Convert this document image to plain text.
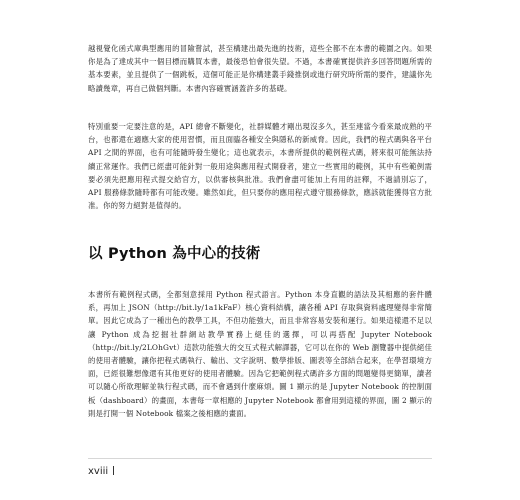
越視覺化函式庫典型應用的冒險嘗試，甚至構建出最先進的技術，這些全都不在本書的範圍之內。如果你是為了達成其中一個目標而購買本書，最後恐怕會很失望。不過，本書確實提供許多回答問題所需的基本要素，並且提供了一個跳板，這個可能正是你構建叢手錢推倒或進行研究時所需的要件，建議你先略讀幾章，再自己做個判斷。本書內容確實涵蓋許多的基礎。
特別重要一定要注意的是，API 總會不斷變化，社群媒體才剛出現沒多久，甚至連當今看來最成熟的平台，也都還在適應大家的使用習慣，而且面臨各種安全與隱私的新威脅。因此，我們的程式碼與各平台 API 之間的界面，也有可能隨時發生變化；這也就表示，本書所提供的範例程式碼，將來很可能無法持續正常運作。我們已經盡可能針對一般用途與應用程式開發者，建立一些實用的範例，其中有些範例需要必須先把應用程式提交給官方，以供審核與批准。我們會盡可能加上有用的註釋，不過請別忘了，API 服務條款隨時都有可能改變。雖然如此，但只要你的應用程式遵守服務條款，應該就能獲得官方批准。你的努力絕對是值得的。
以 Python 為中心的技術
本書所有範例程式碼，全都刻意採用 Python 程式語言。Python 本身直觀的語法及其相應的套件體系，再加上 JSON（http://bit.ly/1a1kFaF）核心資料結構，讓各種 API 存取與資料處理變得非常簡單。因此它成為了一種出色的教學工具，不但功能強大，而且非常容易安裝和運行。如果這樣還不足以讓 Python 成為挖掘社群網站教學實務上絕佳的選擇，可以再搭配 Jupyter Notebook（http://bit.ly/2LOhGvt）這款功能強大的交互式程式解譯器，它可以在你的 Web 瀏覽器中提供絕佳的使用者體驗，讓你把程式碼執行、輸出、文字說明、數學排版、圖表等全部結合起來，在學習環境方面，已經很難想像還有其他更好的使用者體驗。因為它把範例程式碼許多方面的問題變得更簡單，讀者可以隨心所欲理解並執行程式碼，而不會遇到什麼麻煩。圖 1 顯示的是 Jupyter Notebook 的控制面板（dashboard）的畫面，本書每一章相應的 Jupyter Notebook 都會用到這樣的界面，圖 2 顯示的則是打開一個 Notebook 檔案之後相應的畫面。
xviii
